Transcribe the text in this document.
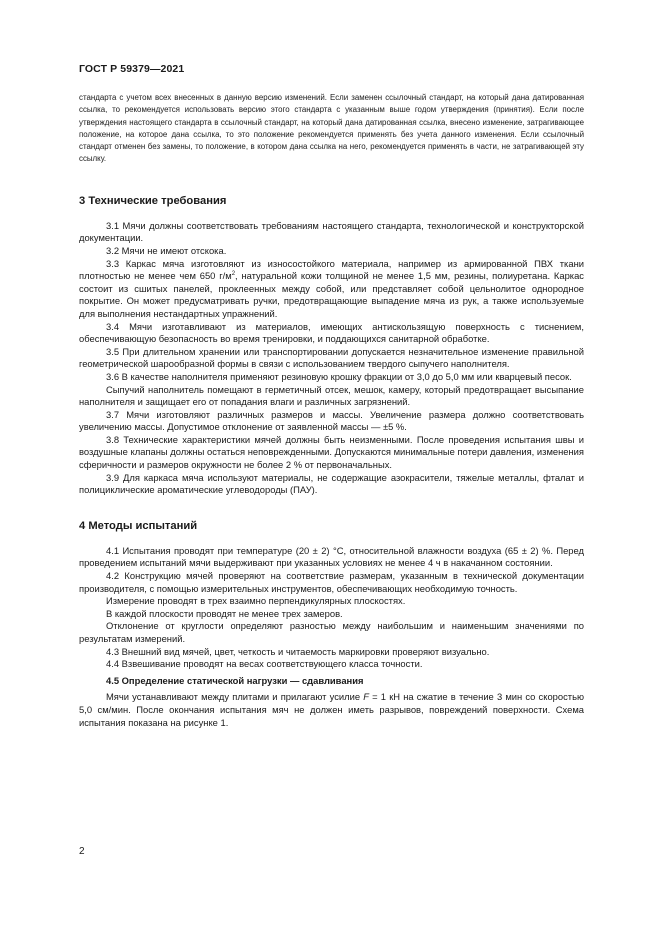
ГОСТ Р 59379—2021

стандарта с учетом всех внесенных в данную версию изменений. Если заменен ссылочный стандарт, на который дана датированная ссылка, то рекомендуется использовать версию этого стандарта с указанным выше годом утверждения (принятия). Если после утверждения настоящего стандарта в ссылочный стандарт, на который дана датированная ссылка, внесено изменение, затрагивающее положение, на которое дана ссылка, то это положение рекомендуется применять без учета данного изменения. Если ссылочный стандарт отменен без замены, то положение, в котором дана ссылка на него, рекомендуется применять в части, не затрагивающей эту ссылку.

3 Технические требования

3.1 Мячи должны соответствовать требованиям настоящего стандарта, технологической и конструкторской документации.

3.2 Мячи не имеют отскока.

3.3 Каркас мяча изготовляют из износостойкого материала, например из армированной ПВХ ткани плотностью не менее чем 650 $г/м^2$, натуральной кожи толщиной не менее 1,5 мм, резины, полиуретана. Каркас состоит из сшитых панелей, проклеенных между собой, или представляет собой цельнолитое однородное покрытие. Он может предусматривать ручки, предотвращающие выпадение мяча из рук, а также используемые для выполнения нестандартных упражнений.

3.4 Мячи изготавливают из материалов, имеющих антискользящую поверхность с тиснением, обеспечивающую безопасность во время тренировки, и поддающихся санитарной обработке.

3.5 При длительном хранении или транспортировании допускается незначительное изменение правильной геометрической шарообразной формы в связи с использованием твердого сыпучего наполнителя.

3.6 В качестве наполнителя применяют резиновую крошку фракции от 3,0 до 5,0 мм или кварцевый песок.

Сыпучий наполнитель помещают в герметичный отсек, мешок, камеру, который предотвращает высыпание наполнителя и защищает его от попадания влаги и различных загрязнений.

3.7 Мячи изготовляют различных размеров и массы. Увеличение размера должно соответствовать увеличению массы. Допустимое отклонение от заявленной массы — ±5 %.

3.8 Технические характеристики мячей должны быть неизменными. После проведения испытания швы и воздушные клапаны должны остаться неповрежденными. Допускаются минимальные потери давления, изменения сферичности и размеров окружности не более 2 % от первоначальных.

3.9 Для каркаса мяча используют материалы, не содержащие азокрасители, тяжелые металлы, фталат и полициклические ароматические углеводороды (ПАУ).

4 Методы испытаний

4.1 Испытания проводят при температуре (20 ± 2) °С, относительной влажности воздуха (65 ± 2) %. Перед проведением испытаний мячи выдерживают при указанных условиях не менее 4 ч в накачанном состоянии.

4.2 Конструкцию мячей проверяют на соответствие размерам, указанным в технической документации производителя, с помощью измерительных инструментов, обеспечивающих необходимую точность.

Измерение проводят в трех взаимно перпендикулярных плоскостях.

В каждой плоскости проводят не менее трех замеров.

Отклонение от круглости определяют разностью между наибольшим и наименьшим значениями по результатам измерений.

4.3 Внешний вид мячей, цвет, четкость и читаемость маркировки проверяют визуально.

4.4 Взвешивание проводят на весах соответствующего класса точности.

4.5 Определение статической нагрузки — сдавливания

Мячи устанавливают между плитами и прилагают усилие F = 1 кН на сжатие в течение 3 мин со скоростью 5,0 см/мин. После окончания испытания мяч не должен иметь разрывов, повреждений поверхности. Схема испытания показана на рисунке 1.

2
